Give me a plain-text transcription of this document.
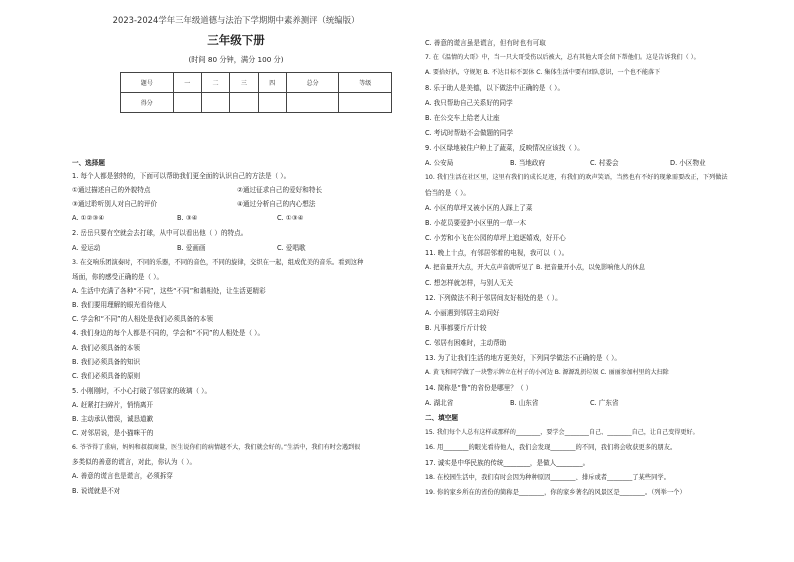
2023-2024学年三年级道德与法治下学期期中素养测评（统编版）
三年级下册
(时间 80 分钟，满分 100 分)
题号	一	二	三	四	总分	等级
得分						
一、选择题
1. 每个人都是独特的，下面可以帮助我们更全面的认识自己的方法是（ ）。
①通过描述自己的外貌特点	②通过征求自己的爱好和特长
③通过聆听别人对自己的评价	④通过分析自己的内心想法
A. ①②③④	B. ③④	C. ①③④
2. 岳岳只要有空就会去打球，从中可以看出他（ ）的特点。
A. 爱运动	B. 爱画画	C. 爱唱歌
3. 在交响乐团演奏时，不同的乐器，不同的音色，不同的旋律，交织在一起，组成优美的音乐。看到这种
场面，你的感受正确的是（ ）。
A. 生活中充满了各种“不同”，这些“不同”和谐相处，让生活更精彩
B. 我们要用理解的眼光看待他人
C. 学会和“不同”的人相处是我们必须具备的本领
4. 我们身边的每个人都是不同的，学会和“不同”的人相处是（ ）。
A. 我们必须具备的本领
B. 我们必须具备的知识
C. 我们必须具备的原则
5. 小刚刚时，不小心打破了邻居家的玻璃（ ）。
A. 赶紧打扫碎片，悄悄离开
B. 主动承认错误，诚恳道歉
C. 对邻居说，是小猫咪干的
6. 爷爷得了重病，妈妈和叔叔商量，医生说你们的病情越不大，我们就会好的。”生活中，我们有时会遇到很
多类似的善意的谎言，对此，你认为（ ）。
A. 善意的谎言也是谎言，必须拆穿
B. 说谎就是不对
C. 善意的谎言虽是谎言，但有时也有可取
7. 在《温情的大哥》中，当一只大哥受伤以后被大，总有其他大哥会留下帮他们。这是告诉我们（ ）。
A. 要拾好扒，守规矩 B. 不达目标不罢休 C. 集体生活中要有团队意识，一个也不能落下
8. 乐于助人是美德，以下做法中正确的是（ ）。
A. 我只帮助自己关系好的同学
B. 在公交车上给老人让座
C. 考试时帮助不会做题的同学
9. 小区绿地被住户种上了蔬菜，反映情况应该找（ ）。
A. 公安局	B. 当地政府	C. 村委会	D. 小区物业
10. 我们生活在社区里，这里有我们的成长足迹，有我们的欢声笑语，当然也有不好的现象需要改正，下列做法
恰当的是（ ）。
A. 小区的草坪又被小区的人踩上了菜
B. 小花员要爱护小区里的一草一木
C. 小芳和小飞在公园的草坪上追逐嬉戏，好开心
11. 晚上十点，有邻居邻着的电视，我可以（ ）。
A. 把音量开大点，开大点声音就听见了 B. 把音量开小点，以免影响他人的休息
C. 想怎样就怎样，与别人无关
12. 下列做法不利于邻居间友好相处的是（ ）。
A. 小丽遇到邻居主动问好
B. 凡事都要斤斤计较
C. 邻居有困难时，主动帮助
13. 为了让我们生活的地方更美好，下列同学做法不正确的是（ ）。
A. 黄飞和同学做了一块警示牌立在村子的小河边 B. 源源乱扔垃圾 C. 丽丽参加村里的大扫除
14. 简称是“鲁”的省份是哪里？（ ）
A. 湖北省	B. 山东省	C. 广东省
二、填空题
15. 我们每个人总有这样或那样的________，要学会________自己、________自己，让自己变得更好。
16. 用________的眼光看待他人，我们会发现________的不同，我们将会收获更多的朋友。
17. 诚实是中华民族的传统________，是做人________。
18. 在校园生活中，我们有时会因为种种原因________、排斥或者________了某些同学。
19. 你的家乡所在的省份的简称是________，你的家乡著名的风景区是________。（列举一个）
